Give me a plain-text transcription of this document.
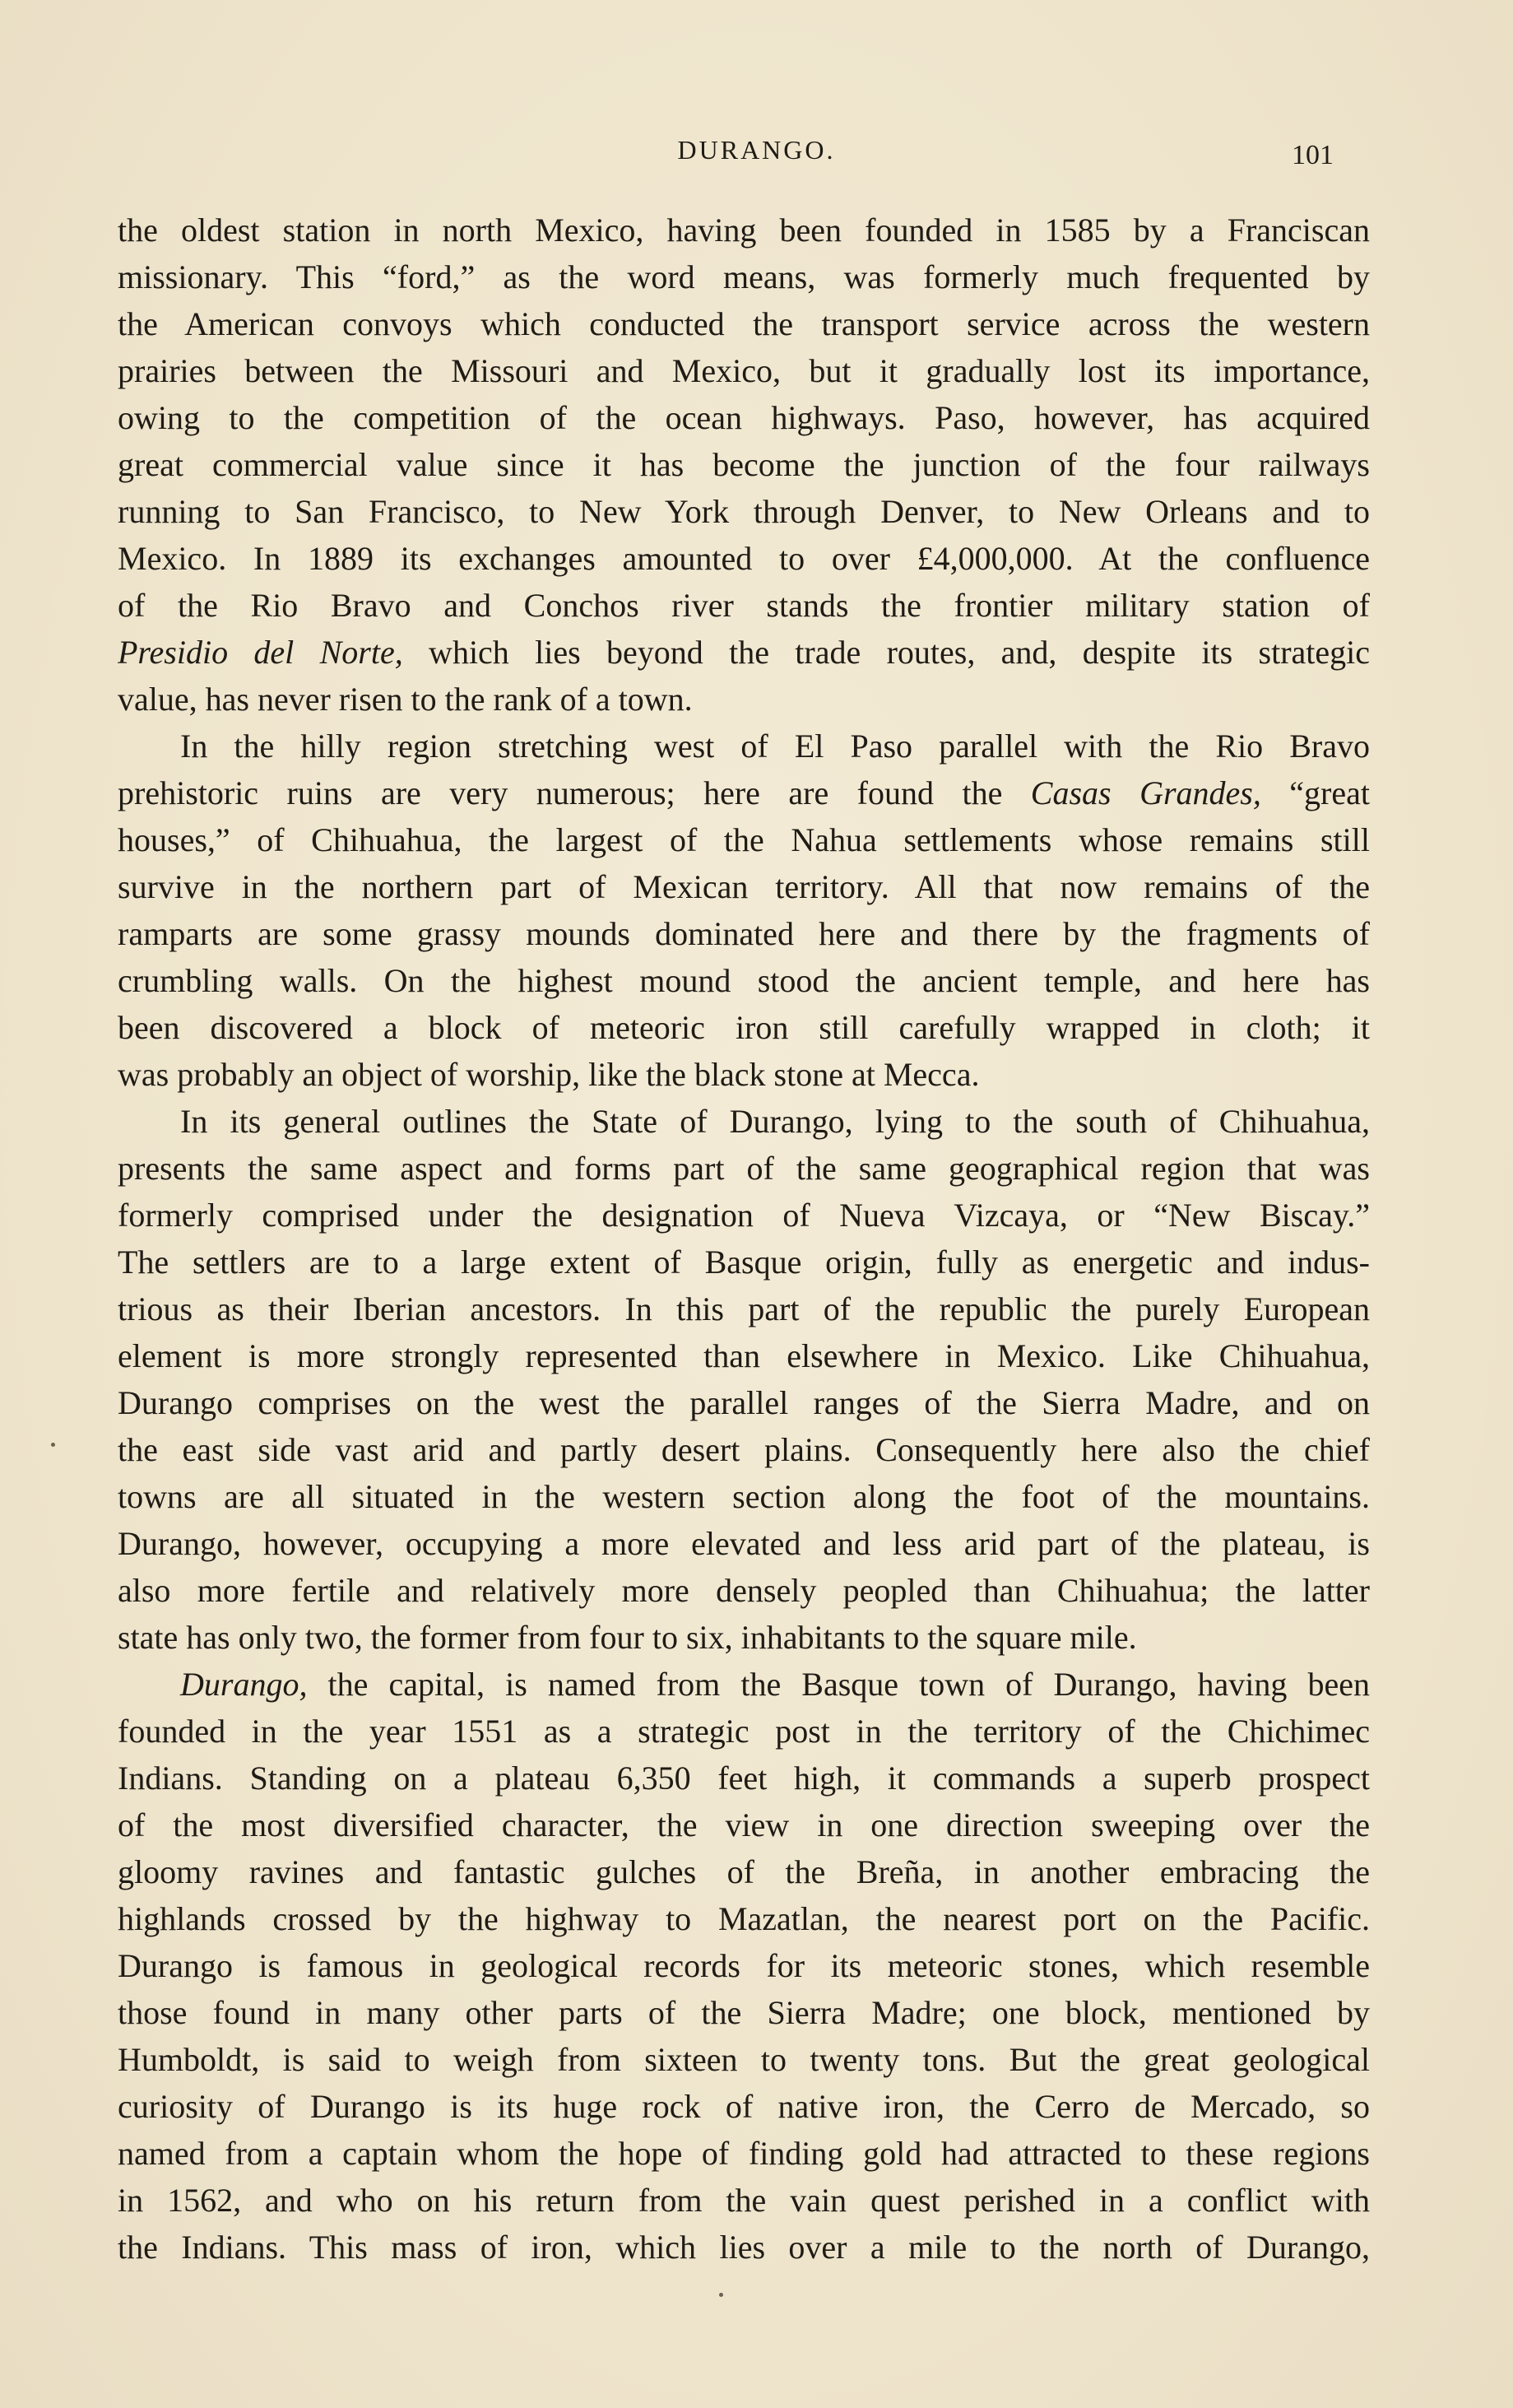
DURANGO.	101
the oldest station in north Mexico, having been founded in 1585 by a Franciscan
missionary. This “ford,” as the word means, was formerly much frequented by
the American convoys which conducted the transport service across the western
prairies between the Missouri and Mexico, but it gradually lost its importance,
owing to the competition of the ocean highways. Paso, however, has acquired
great commercial value since it has become the junction of the four railways
running to San Francisco, to New York through Denver, to New Orleans and to
Mexico. In 1889 its exchanges amounted to over £4,000,000. At the confluence
of the Rio Bravo and Conchos river stands the frontier military station of
Presidio del Norte, which lies beyond the trade routes, and, despite its strategic
value, has never risen to the rank of a town.
In the hilly region stretching west of El Paso parallel with the Rio Bravo
prehistoric ruins are very numerous; here are found the Casas Grandes, “great
houses,” of Chihuahua, the largest of the Nahua settlements whose remains still
survive in the northern part of Mexican territory. All that now remains of the
ramparts are some grassy mounds dominated here and there by the fragments of
crumbling walls. On the highest mound stood the ancient temple, and here has
been discovered a block of meteoric iron still carefully wrapped in cloth; it
was probably an object of worship, like the black stone at Mecca.
In its general outlines the State of Durango, lying to the south of Chihuahua,
presents the same aspect and forms part of the same geographical region that was
formerly comprised under the designation of Nueva Vizcaya, or “New Biscay.”
The settlers are to a large extent of Basque origin, fully as energetic and indus-
trious as their Iberian ancestors. In this part of the republic the purely European
element is more strongly represented than elsewhere in Mexico. Like Chihuahua,
Durango comprises on the west the parallel ranges of the Sierra Madre, and on
the east side vast arid and partly desert plains. Consequently here also the chief
towns are all situated in the western section along the foot of the mountains.
Durango, however, occupying a more elevated and less arid part of the plateau, is
also more fertile and relatively more densely peopled than Chihuahua; the latter
state has only two, the former from four to six, inhabitants to the square mile.
Durango, the capital, is named from the Basque town of Durango, having been
founded in the year 1551 as a strategic post in the territory of the Chichimec
Indians. Standing on a plateau 6,350 feet high, it commands a superb prospect
of the most diversified character, the view in one direction sweeping over the
gloomy ravines and fantastic gulches of the Breña, in another embracing the
highlands crossed by the highway to Mazatlan, the nearest port on the Pacific.
Durango is famous in geological records for its meteoric stones, which resemble
those found in many other parts of the Sierra Madre; one block, mentioned by
Humboldt, is said to weigh from sixteen to twenty tons. But the great geological
curiosity of Durango is its huge rock of native iron, the Cerro de Mercado, so
named from a captain whom the hope of finding gold had attracted to these regions
in 1562, and who on his return from the vain quest perished in a conflict with
the Indians. This mass of iron, which lies over a mile to the north of Durango,
